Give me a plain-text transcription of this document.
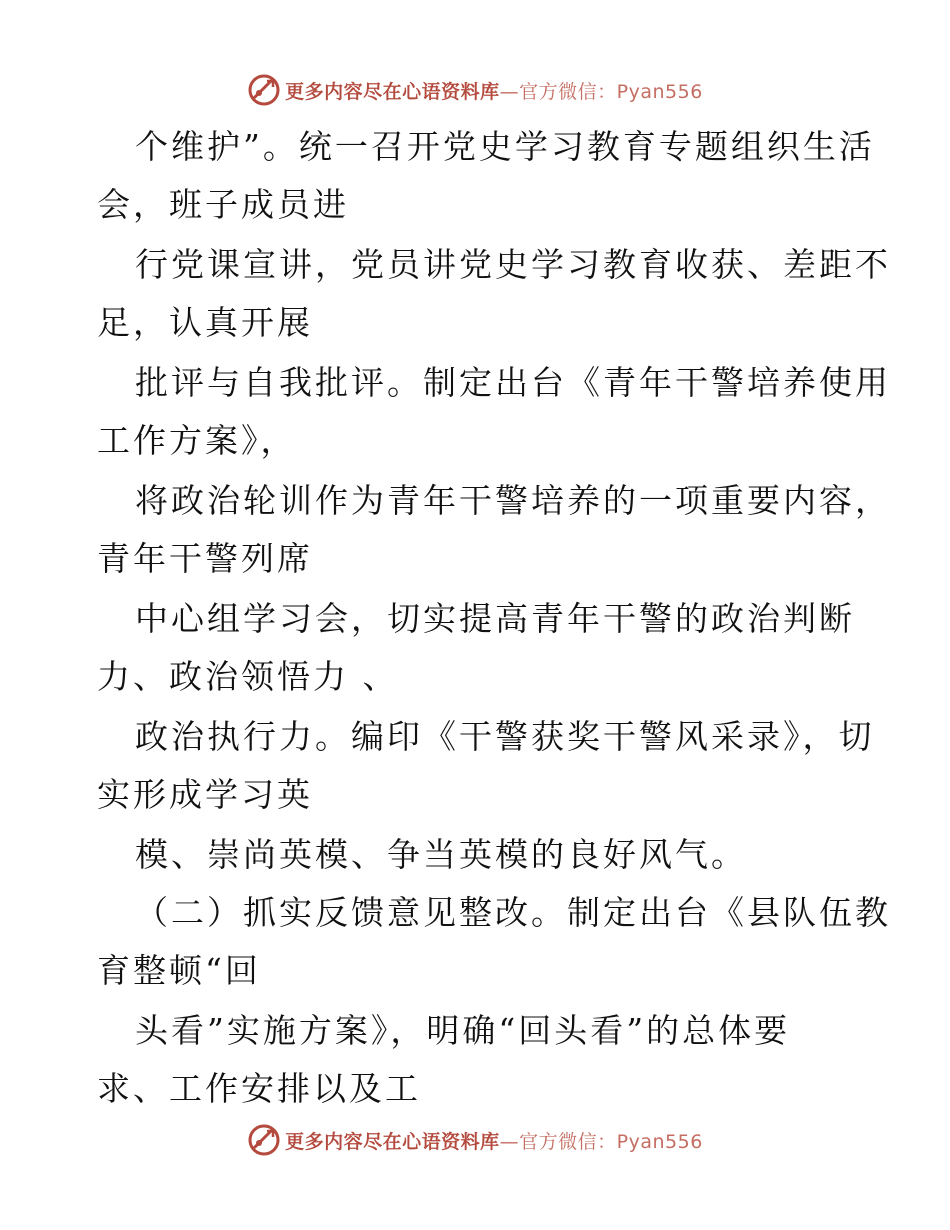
更多内容尽在心语资料库—官方微信：Pyan556
个维护”。统一召开党史学习教育专题组织生活
会，班子成员进
行党课宣讲，党员讲党史学习教育收获、差距不
足，认真开展
批评与自我批评。制定出台《青年干警培养使用
工作方案》，
将政治轮训作为青年干警培养的一项重要内容，
青年干警列席
中心组学习会，切实提高青年干警的政治判断
力、政治领悟力 、
政治执行力。编印《干警获奖干警风采录》，切
实形成学习英
模、崇尚英模、争当英模的良好风气。
（二）抓实反馈意见整改。制定出台《县队伍教
育整顿“回
头看”实施方案》，明确“回头看”的总体要
求、工作安排以及工
更多内容尽在心语资料库—官方微信：Pyan556
